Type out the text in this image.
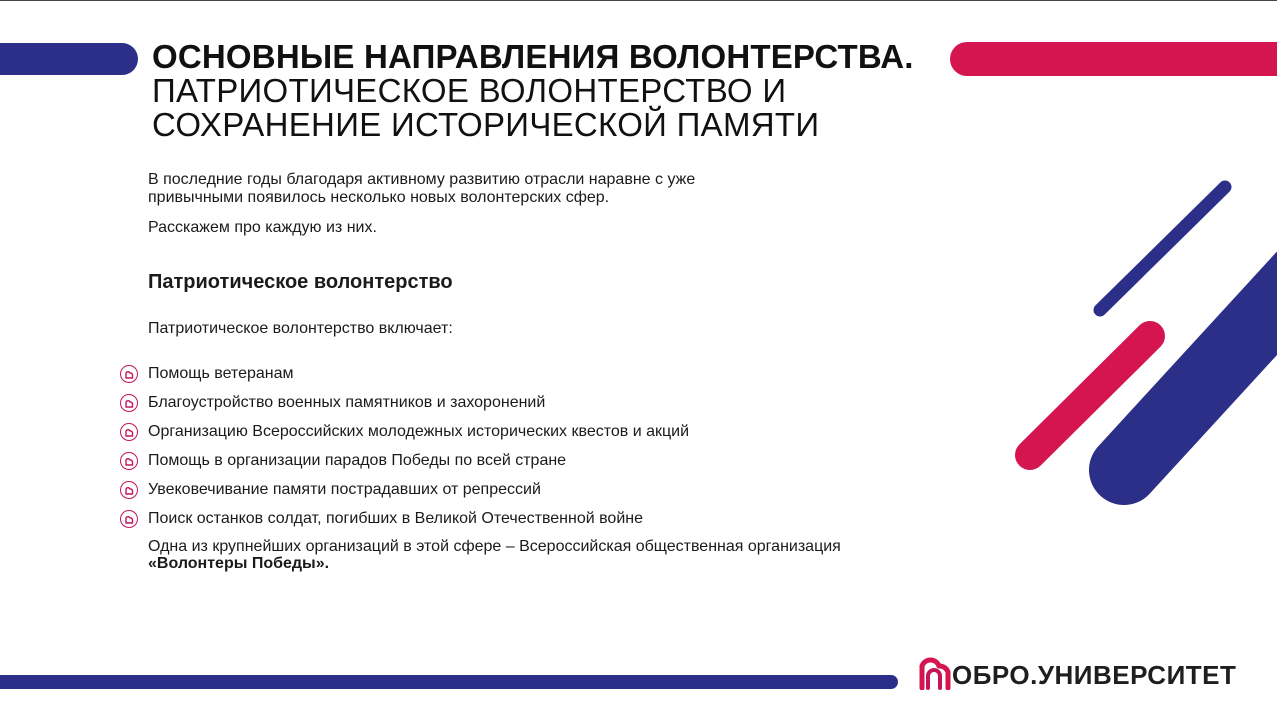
ОСНОВНЫЕ НАПРАВЛЕНИЯ ВОЛОНТЕРСТВА.
ПАТРИОТИЧЕСКОЕ ВОЛОНТЕРСТВО И
СОХРАНЕНИЕ ИСТОРИЧЕСКОЙ ПАМЯТИ

В последние годы благодаря активному развитию отрасли наравне с уже привычными появилось несколько новых волонтерских сфер.

Расскажем про каждую из них.

Патриотическое волонтерство

Патриотическое волонтерство включает:

Помощь ветеранам
Благоустройство военных памятников и захоронений
Организацию Всероссийских молодежных исторических квестов и акций
Помощь в организации парадов Победы по всей стране
Увековечивание памяти пострадавших от репрессий
Поиск останков солдат, погибших в Великой Отечественной войне

Одна из крупнейших организаций в этой сфере – Всероссийская общественная организация «Волонтеры Победы».

ОБРО.УНИВЕРСИТЕТ
